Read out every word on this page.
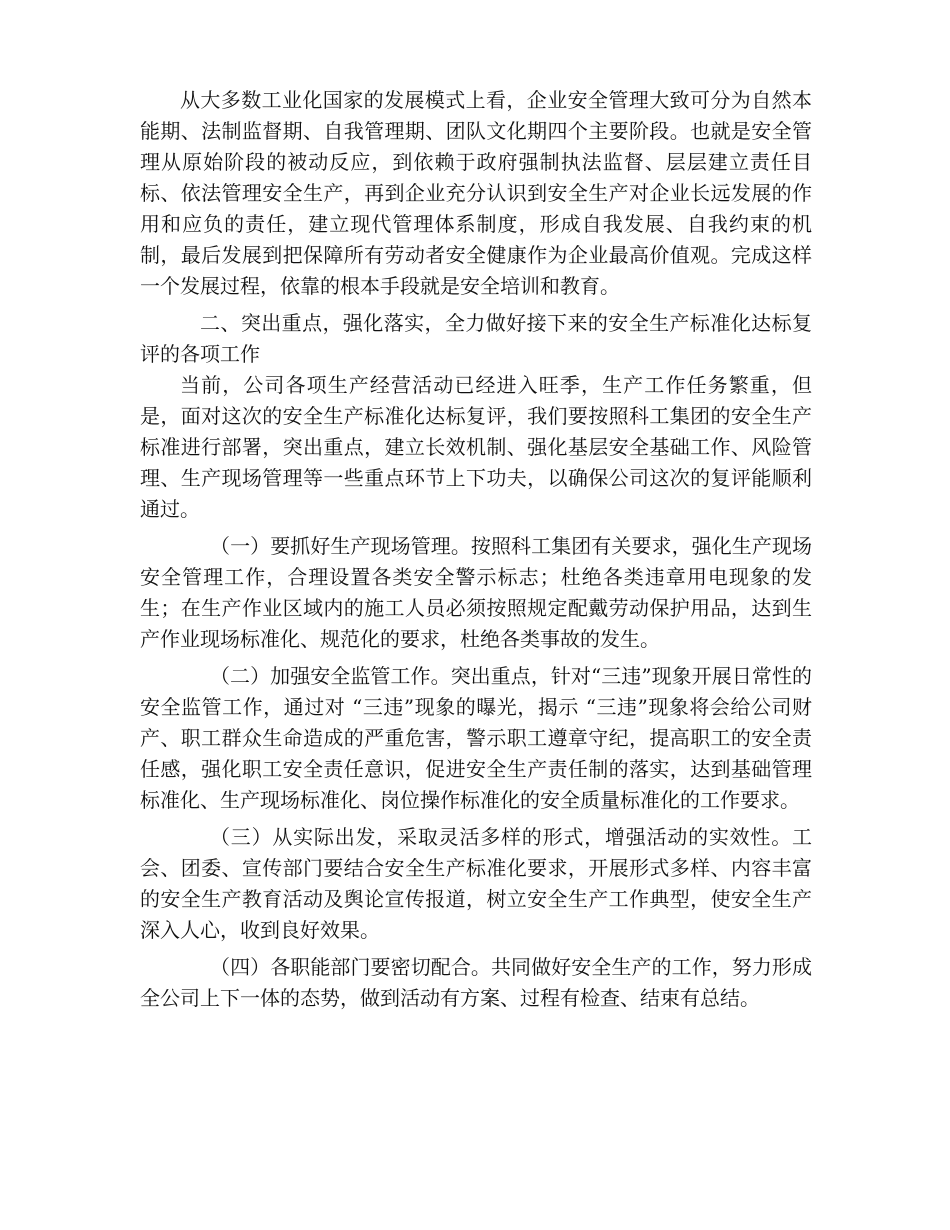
从大多数工业化国家的发展模式上看，企业安全管理大致可分为自然本能期、法制监督期、自我管理期、团队文化期四个主要阶段。也就是安全管理从原始阶段的被动反应，到依赖于政府强制执法监督、层层建立责任目标、依法管理安全生产，再到企业充分认识到安全生产对企业长远发展的作用和应负的责任，建立现代管理体系制度，形成自我发展、自我约束的机制，最后发展到把保障所有劳动者安全健康作为企业最高价值观。完成这样一个发展过程，依靠的根本手段就是安全培训和教育。

二、突出重点，强化落实，全力做好接下来的安全生产标准化达标复评的各项工作

当前，公司各项生产经营活动已经进入旺季，生产工作任务繁重，但是，面对这次的安全生产标准化达标复评，我们要按照科工集团的安全生产标准进行部署，突出重点，建立长效机制、强化基层安全基础工作、风险管理、生产现场管理等一些重点环节上下功夫，以确保公司这次的复评能顺利通过。

（一）要抓好生产现场管理。按照科工集团有关要求，强化生产现场安全管理工作，合理设置各类安全警示标志；杜绝各类违章用电现象的发生；在生产作业区域内的施工人员必须按照规定配戴劳动保护用品，达到生产作业现场标准化、规范化的要求，杜绝各类事故的发生。

（二）加强安全监管工作。突出重点，针对“三违”现象开展日常性的安全监管工作，通过对 “三违”现象的曝光，揭示 “三违”现象将会给公司财产、职工群众生命造成的严重危害，警示职工遵章守纪，提高职工的安全责任感，强化职工安全责任意识，促进安全生产责任制的落实，达到基础管理标准化、生产现场标准化、岗位操作标准化的安全质量标准化的工作要求。

（三）从实际出发，采取灵活多样的形式，增强活动的实效性。工会、团委、宣传部门要结合安全生产标准化要求，开展形式多样、内容丰富的安全生产教育活动及舆论宣传报道，树立安全生产工作典型，使安全生产深入人心，收到良好效果。

（四）各职能部门要密切配合。共同做好安全生产的工作，努力形成全公司上下一体的态势，做到活动有方案、过程有检查、结束有总结。
